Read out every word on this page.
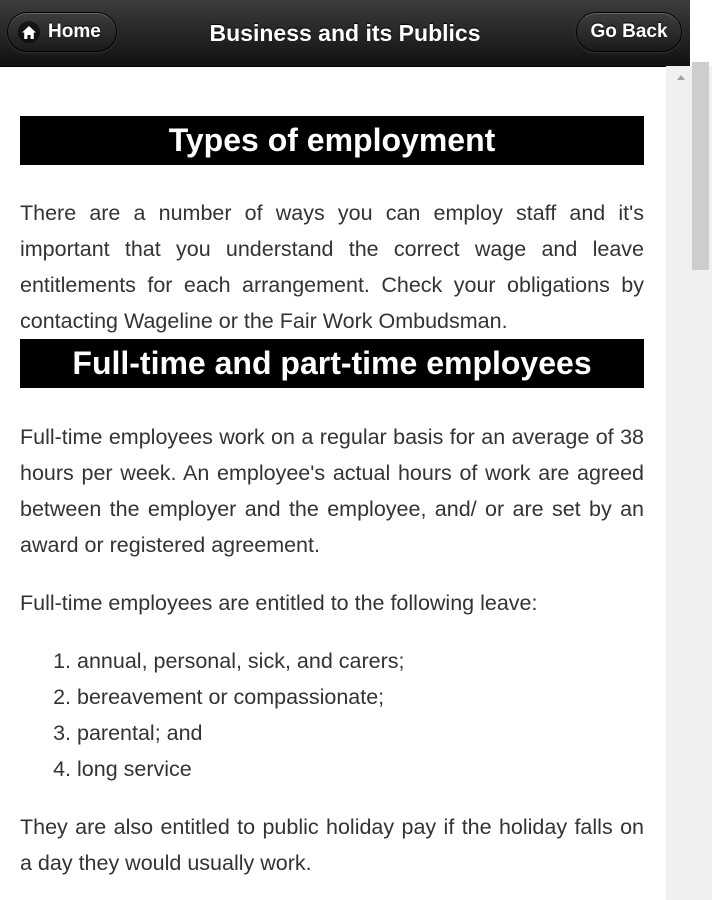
Home	Business and its Publics	Go Back
Types of employment

There are a number of ways you can employ staff and it's important that you understand the correct wage and leave entitlements for each arrangement. Check your obligations by contacting Wageline or the Fair Work Ombudsman.

Full-time and part-time employees

Full-time employees work on a regular basis for an average of 38 hours per week. An employee's actual hours of work are agreed between the employer and the employee, and/ or are set by an award or registered agreement.

Full-time employees are entitled to the following leave:

1. annual, personal, sick, and carers;
2. bereavement or compassionate;
3. parental; and
4. long service

They are also entitled to public holiday pay if the holiday falls on a day they would usually work.
